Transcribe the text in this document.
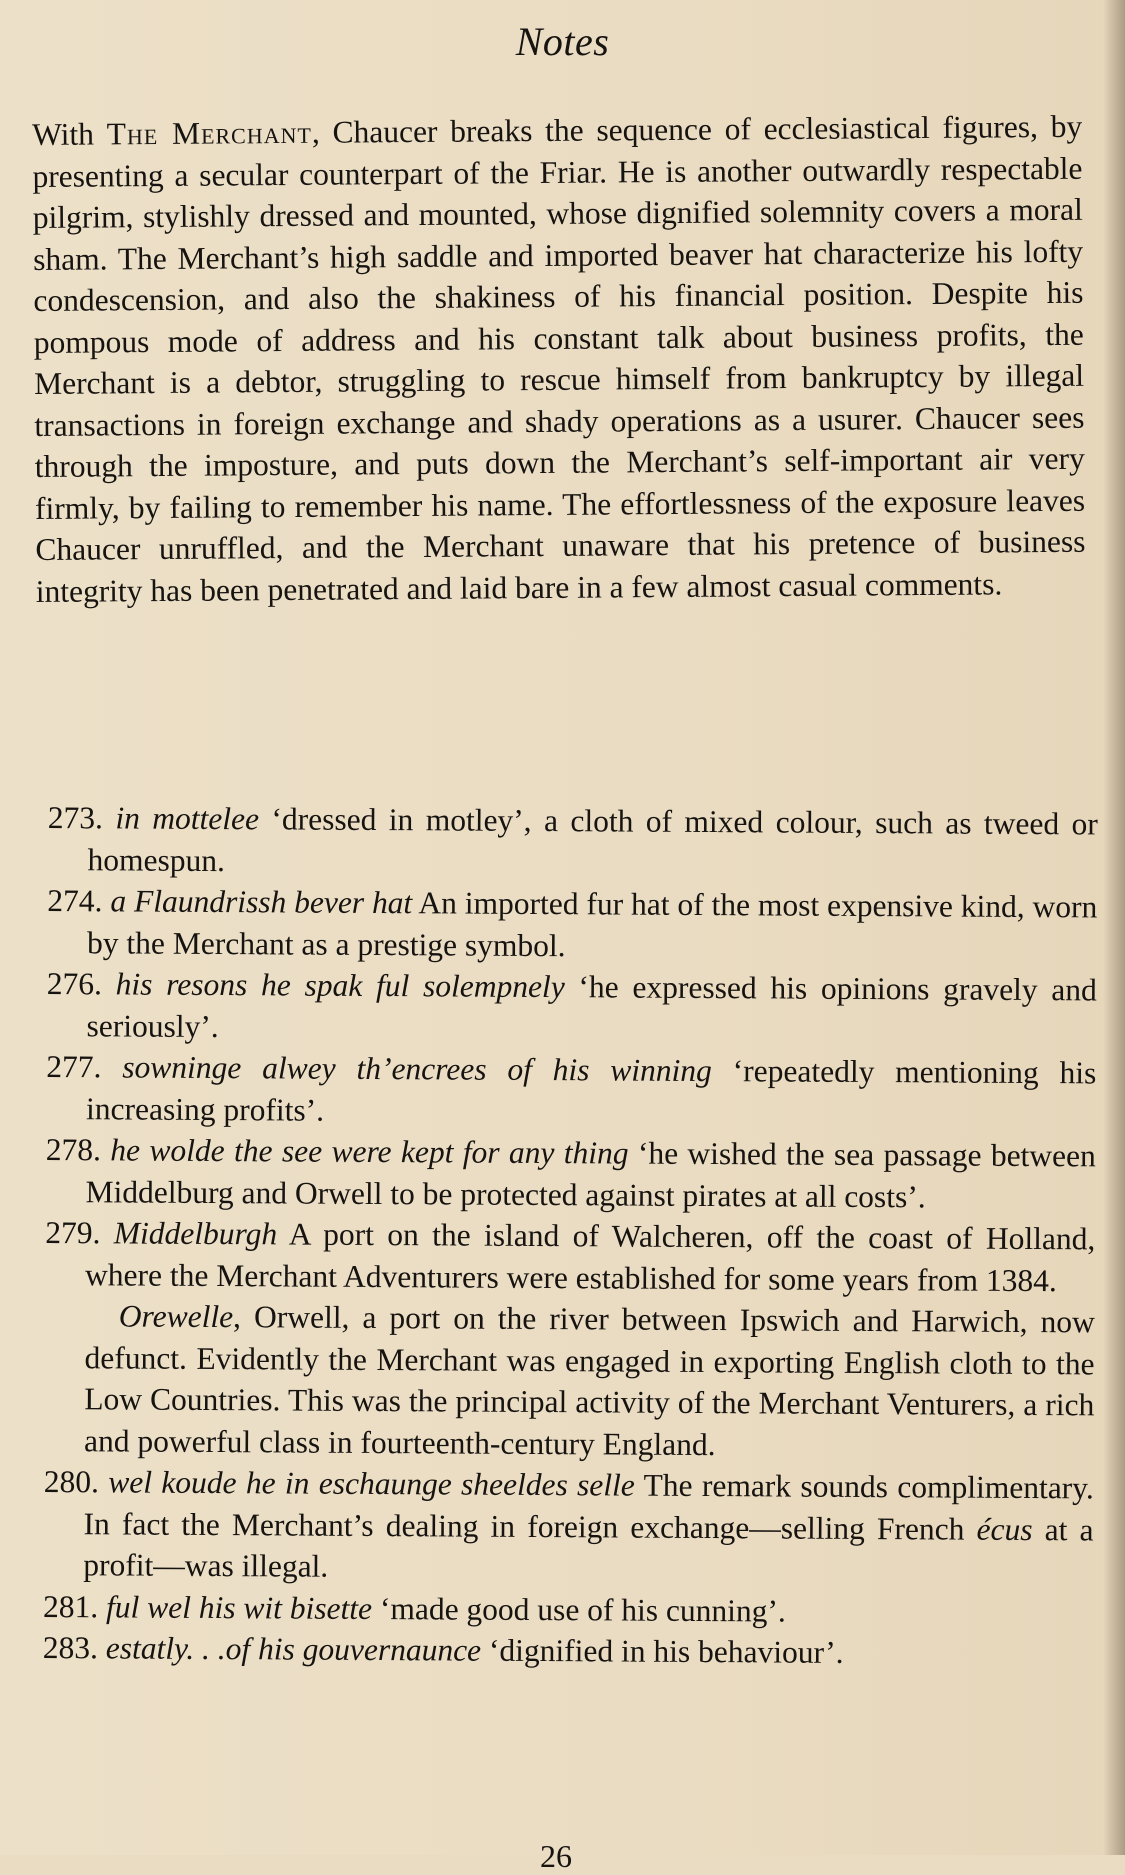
Notes

With The Merchant, Chaucer breaks the sequence of ecclesiastical figures, by presenting a secular counterpart of the Friar. He is another outwardly respectable pilgrim, stylishly dressed and mounted, whose dignified solemnity covers a moral sham. The Merchant’s high saddle and imported beaver hat characterize his lofty condescension, and also the shakiness of his financial position. Despite his pompous mode of address and his constant talk about business profits, the Merchant is a debtor, struggling to rescue himself from bankruptcy by illegal transactions in foreign exchange and shady operations as a usurer. Chaucer sees through the imposture, and puts down the Merchant’s self-important air very firmly, by failing to remember his name. The effortlessness of the exposure leaves Chaucer unruffled, and the Merchant unaware that his pretence of business integrity has been penetrated and laid bare in a few almost casual comments.

273. in mottelee ‘dressed in motley’, a cloth of mixed colour, such as tweed or homespun.

274. a Flaundrissh bever hat An imported fur hat of the most expensive kind, worn by the Merchant as a prestige symbol.

276. his resons he spak ful solempnely ‘he expressed his opinions gravely and seriously’.

277. sowninge alwey th’encrees of his winning ‘repeatedly mentioning his increasing profits’.

278. he wolde the see were kept for any thing ‘he wished the sea passage between Middelburg and Orwell to be protected against pirates at all costs’.

279. Middelburgh A port on the island of Walcheren, off the coast of Holland, where the Merchant Adventurers were established for some years from 1384.

Orewelle, Orwell, a port on the river between Ipswich and Harwich, now defunct. Evidently the Merchant was engaged in exporting English cloth to the Low Countries. This was the principal activity of the Merchant Venturers, a rich and powerful class in fourteenth-century England.

280. wel koude he in eschaunge sheeldes selle The remark sounds complimentary. In fact the Merchant’s dealing in foreign exchange—selling French écus at a profit—was illegal.

281. ful wel his wit bisette ‘made good use of his cunning’.

283. estatly. . .of his gouvernaunce ‘dignified in his behaviour’.

26
